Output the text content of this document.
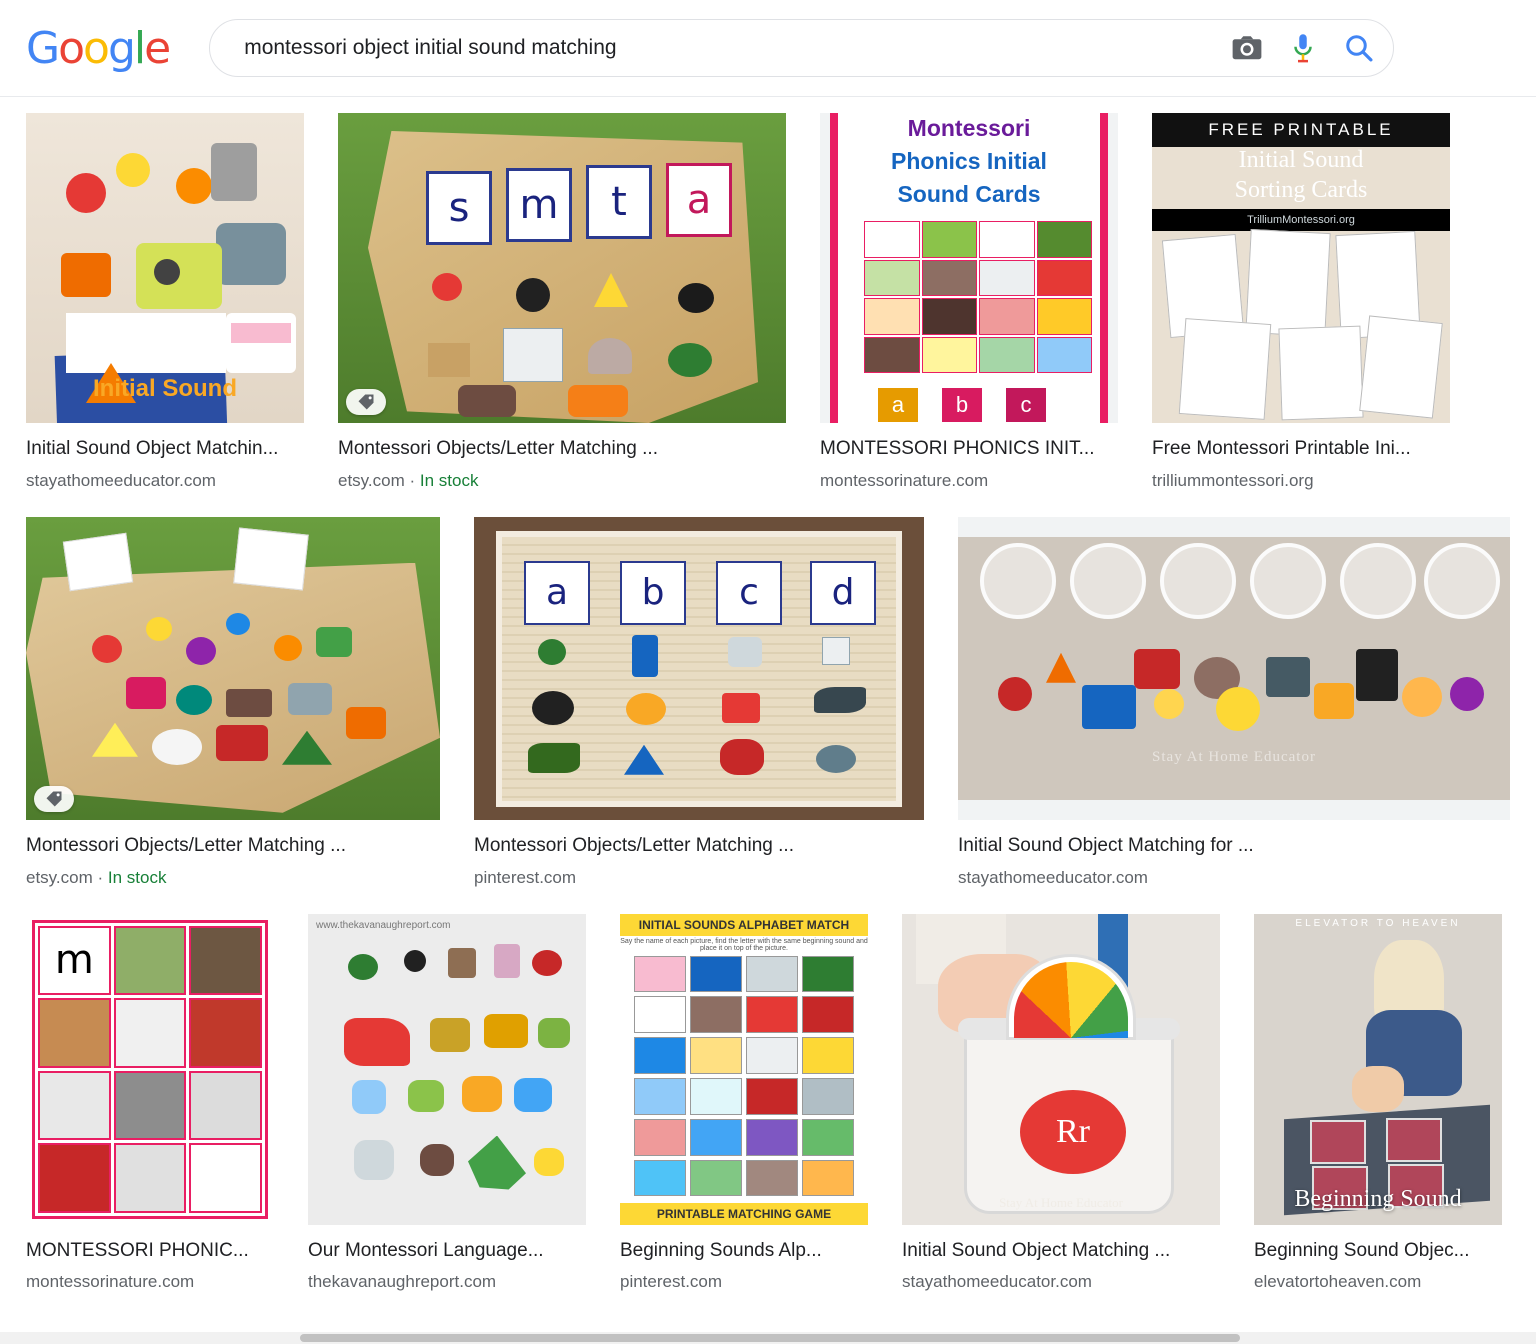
Google
montessori object initial sound matching
Initial Sound
Initial Sound Object Matchin...
stayathomeeducator.com
s	m	t	a
Montessori Objects/Letter Matching ...
etsy.com · In stock
Montessori
Phonics Initial
Sound Cards
a	b	c
MONTESSORI PHONICS INIT...
montessorinature.com
FREE PRINTABLE
Initial Sound
Sorting Cards
TrilliumMontessori.org
Free Montessori Printable Ini...
trilliummontessori.org
Montessori Objects/Letter Matching ...
etsy.com · In stock
a	b	c	d
Montessori Objects/Letter Matching ...
pinterest.com
Stay At Home Educator
Initial Sound Object Matching for ...
stayathomeeducator.com
m
MONTESSORI PHONIC...
montessorinature.com
www.thekavanaughreport.com
Our Montessori Language...
thekavanaughreport.com
INITIAL SOUNDS ALPHABET MATCH
Say the name of each picture, find the letter with the same beginning sound and place it on top of the picture.
PRINTABLE MATCHING GAME
Beginning Sounds Alp...
pinterest.com
Rr
Stay At Home Educator
Initial Sound Object Matching ...
stayathomeeducator.com
ELEVATOR TO HEAVEN
Beginning Sound
Beginning Sound Objec...
elevatortoheaven.com
